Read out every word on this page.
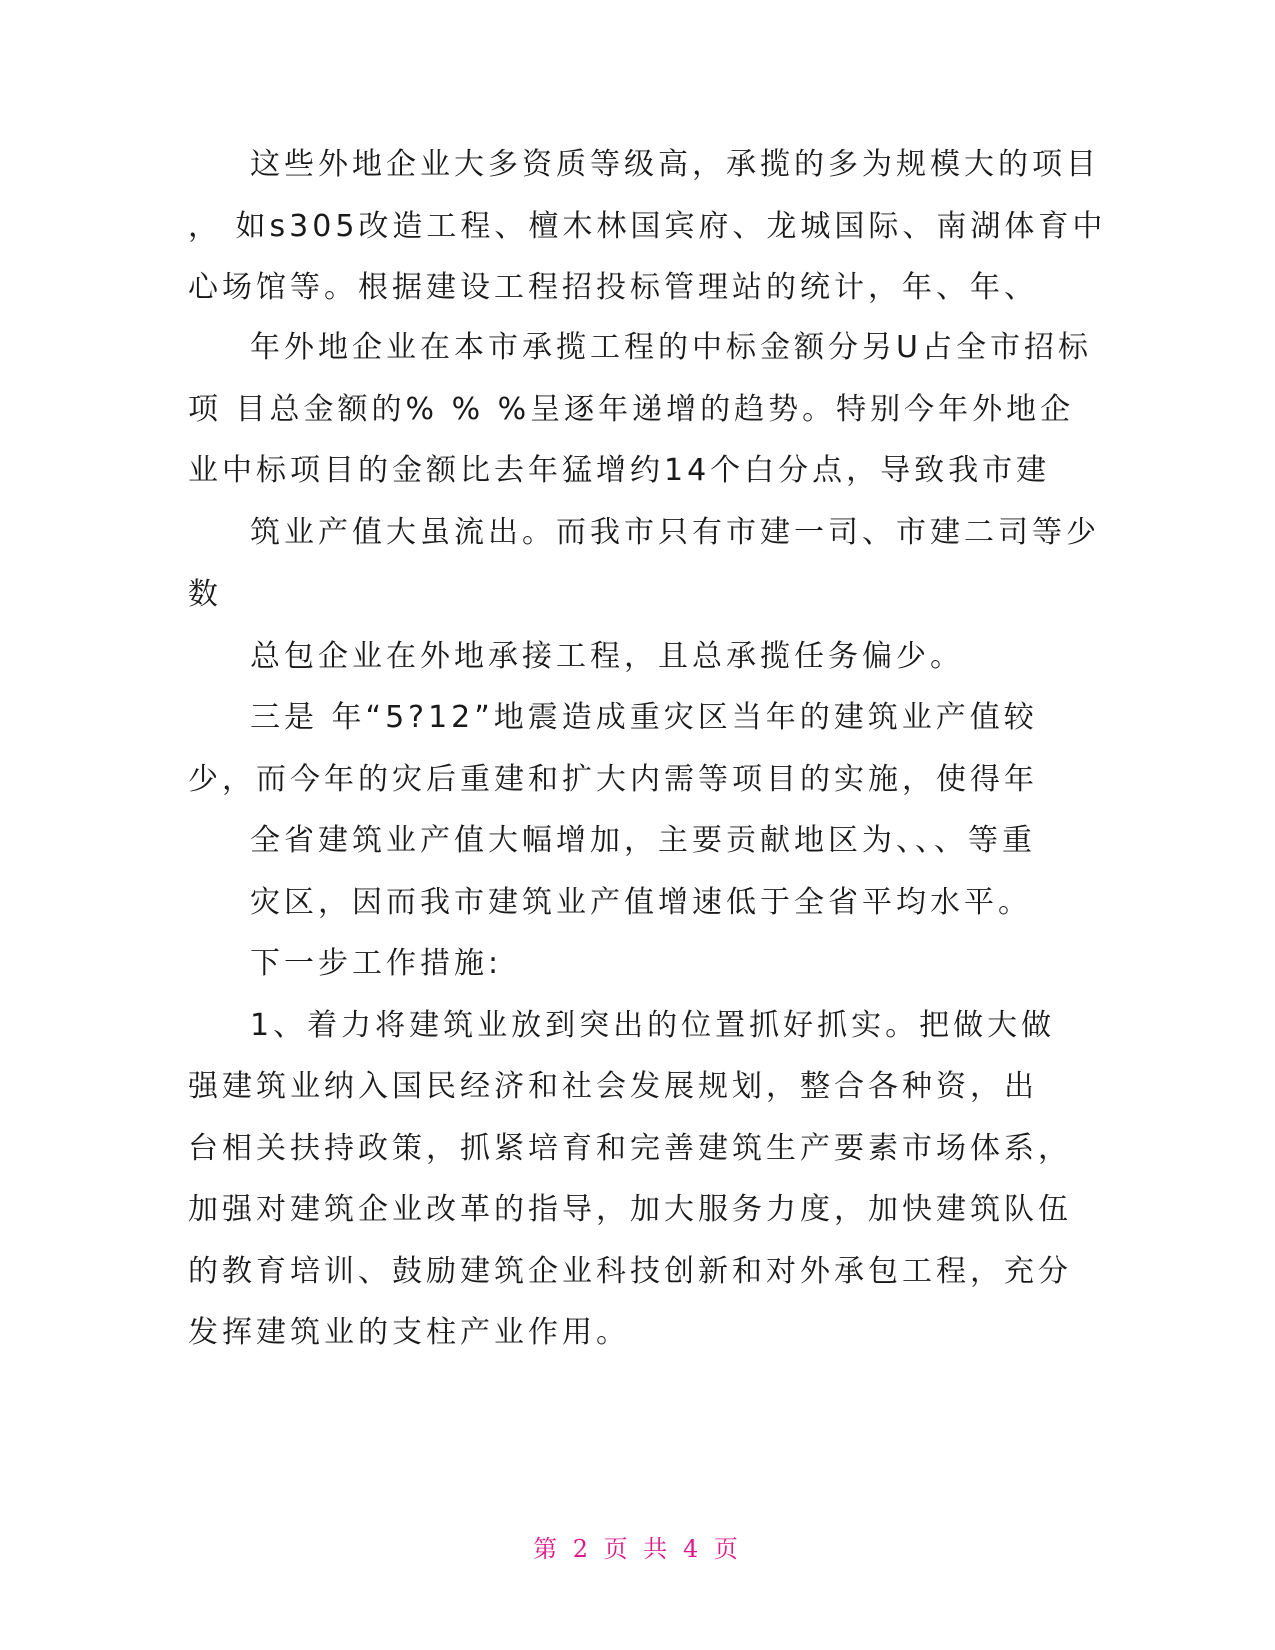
这些外地企业大多资质等级高，承揽的多为规模大的项目
， 如s305改造工程、檀木林国宾府、龙城国际、南湖体育中
心场馆等。根据建设工程招投标管理站的统计，年、年、
年外地企业在本市承揽工程的中标金额分另U占全市招标
项 目总金额的% % %呈逐年递增的趋势。特别今年外地企
业中标项目的金额比去年猛增约14个白分点，导致我市建
筑业产值大虽流出。而我市只有市建一司、市建二司等少
数
总包企业在外地承接工程，且总承揽任务偏少。
三是 年“5?12”地震造成重灾区当年的建筑业产值较
少，而今年的灾后重建和扩大内需等项目的实施，使得年
全省建筑业产值大幅增加，主要贡献地区为、、、等重
灾区，因而我市建筑业产值增速低于全省平均水平。
下一步工作措施:
1、着力将建筑业放到突出的位置抓好抓实。把做大做
强建筑业纳入国民经济和社会发展规划，整合各种资，出
台相关扶持政策，抓紧培育和完善建筑生产要素市场体系，
加强对建筑企业改革的指导，加大服务力度，加快建筑队伍
的教育培训、鼓励建筑企业科技创新和对外承包工程，充分
发挥建筑业的支柱产业作用。
第 2 页 共 4 页
